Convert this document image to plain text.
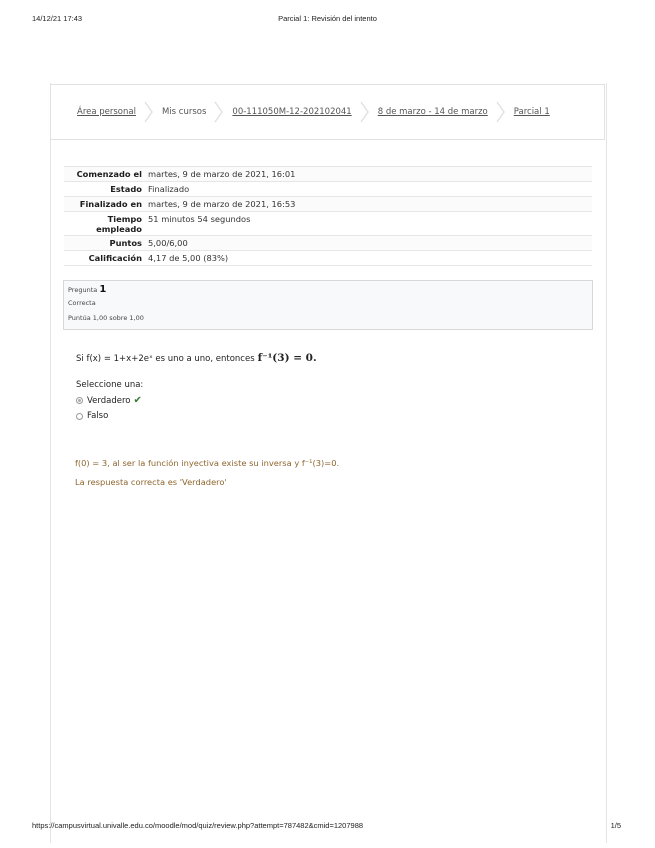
14/12/21 17:43	Parcial 1: Revisión del intento
Área personal	Mis cursos	00-111050M-12-202102041	8 de marzo - 14 de marzo	Parcial 1
Comenzado el martes, 9 de marzo de 2021, 16:01
Estado Finalizado
Finalizado en martes, 9 de marzo de 2021, 16:53
Tiempo empleado
51 minutos 54 segundos
Puntos 5,00/6,00
Calificación 4,17 de 5,00 (83%)
Pregunta 1
Correcta
Puntúa 1,00 sobre 1,00
Si f(x) = 1+x+2eˣ es uno a uno, entonces f⁻¹(3) = 0.
Seleccione una:
Verdadero ✔
Falso
f(0) = 3, al ser la función inyectiva existe su inversa y f⁻¹(3)=0.
La respuesta correcta es 'Verdadero'
https://campusvirtual.univalle.edu.co/moodle/mod/quiz/review.php?attempt=787482&cmid=1207988	1/5
